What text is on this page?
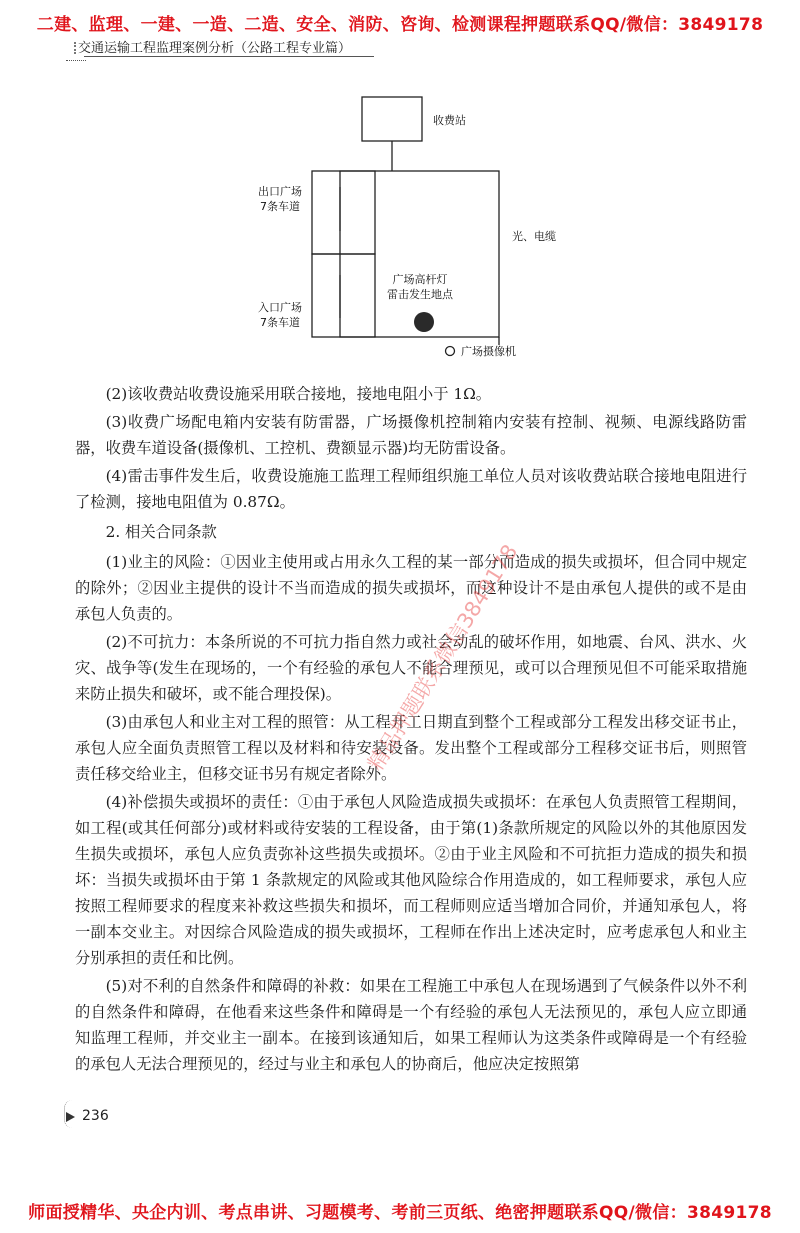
二建、监理、一建、一造、二造、安全、消防、咨询、检测课程押题联系QQ/微信：3849178
交通运输工程监理案例分析（公路工程专业篇）
收费站
出口广场
7条车道
入口广场
7条车道
光、电缆
广场高杆灯
雷击发生地点
广场摄像机

(2)该收费站收费设施采用联合接地，接地电阻小于 1Ω。

(3)收费广场配电箱内安装有防雷器，广场摄像机控制箱内安装有控制、视频、电源线路防雷器，收费车道设备(摄像机、工控机、费额显示器)均无防雷设备。

(4)雷击事件发生后，收费设施施工监理工程师组织施工单位人员对该收费站联合接地电阻进行了检测，接地电阻值为 0.87Ω。

2. 相关合同条款

(1)业主的风险：①因业主使用或占用永久工程的某一部分而造成的损失或损坏，但合同中规定的除外；②因业主提供的设计不当而造成的损失或损坏，而这种设计不是由承包人提供的或不是由承包人负责的。

(2)不可抗力：本条所说的不可抗力指自然力或社会动乱的破坏作用，如地震、台风、洪水、火灾、战争等(发生在现场的，一个有经验的承包人不能合理预见，或可以合理预见但不可能采取措施来防止损失和破坏，或不能合理投保)。

(3)由承包人和业主对工程的照管：从工程开工日期直到整个工程或部分工程发出移交证书止，承包人应全面负责照管工程以及材料和待安装设备。发出整个工程或部分工程移交证书后，则照管责任移交给业主，但移交证书另有规定者除外。

(4)补偿损失或损坏的责任：①由于承包人风险造成损失或损坏：在承包人负责照管工程期间，如工程(或其任何部分)或材料或待安装的工程设备，由于第(1)条款所规定的风险以外的其他原因发生损失或损坏，承包人应负责弥补这些损失或损坏。②由于业主风险和不可抗拒力造成的损失和损坏：当损失或损坏由于第 1 条款规定的风险或其他风险综合作用造成的，如工程师要求，承包人应按照工程师要求的程度来补救这些损失和损坏，而工程师则应适当增加合同价，并通知承包人，将一副本交业主。对因综合风险造成的损失或损坏，工程师在作出上述决定时，应考虑承包人和业主分别承担的责任和比例。

(5)对不利的自然条件和障碍的补救：如果在工程施工中承包人在现场遇到了气候条件以外不利的自然条件和障碍，在他看来这些条件和障碍是一个有经验的承包人无法预见的，承包人应立即通知监理工程师，并交业主一副本。在接到该通知后，如果工程师认为这类条件或障碍是一个有经验的承包人无法合理预见的，经过与业主和承包人的协商后，他应决定按照第

精品押题联系微信3849178
236
师面授精华、央企内训、考点串讲、习题模考、考前三页纸、绝密押题联系QQ/微信：3849178
